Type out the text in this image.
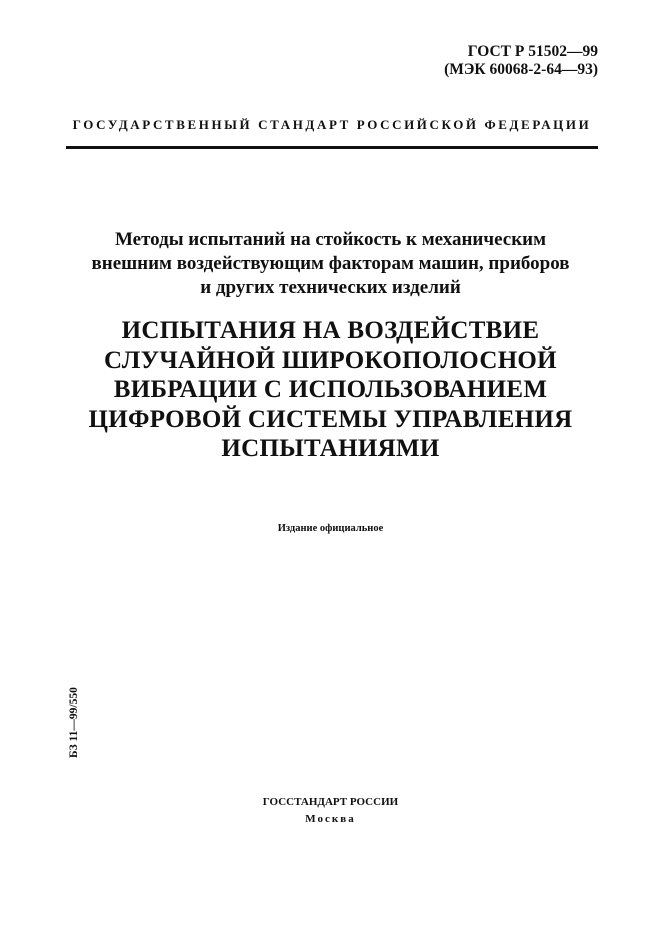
ГОСТ Р 51502—99
(МЭК 60068-2-64—93)
ГОСУДАРСТВЕННЫЙ СТАНДАРТ РОССИЙСКОЙ ФЕДЕРАЦИИ
Методы испытаний на стойкость к механическим
внешним воздействующим факторам машин, приборов
и других технических изделий
ИСПЫТАНИЯ НА ВОЗДЕЙСТВИЕ
СЛУЧАЙНОЙ ШИРОКОПОЛОСНОЙ
ВИБРАЦИИ С ИСПОЛЬЗОВАНИЕМ
ЦИФРОВОЙ СИСТЕМЫ УПРАВЛЕНИЯ
ИСПЫТАНИЯМИ
Издание официальное
БЗ 11—99/550
ГОССТАНДАРТ РОССИИ
Москва
